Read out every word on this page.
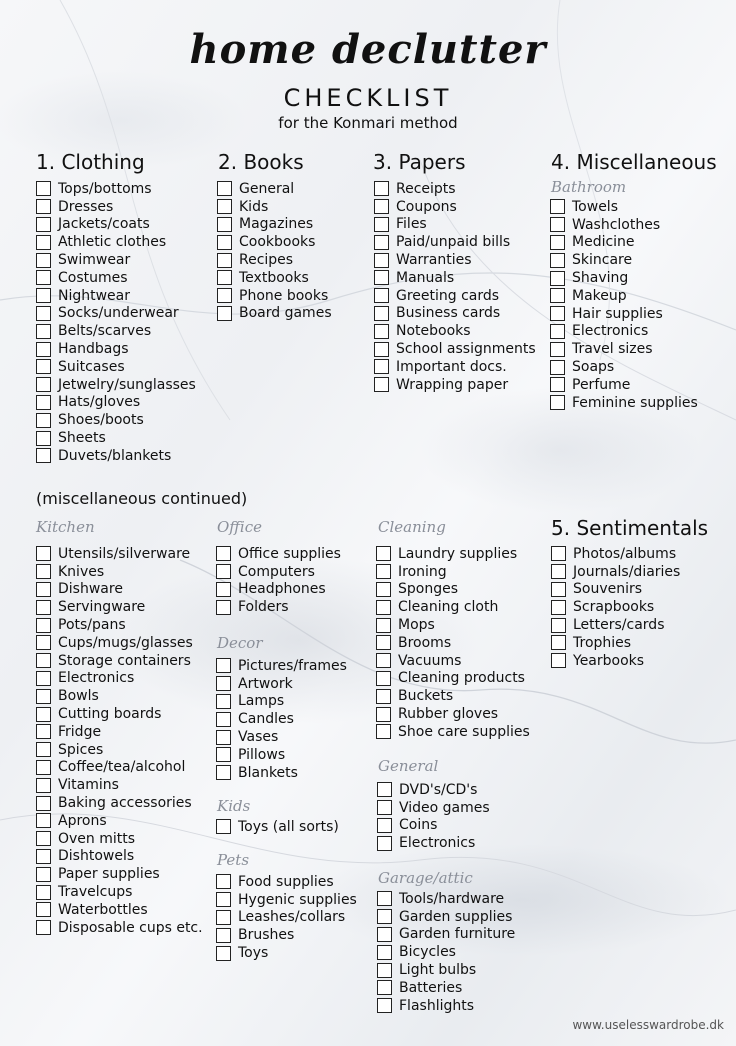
home declutter
CHECKLIST
for the Konmari method
1. Clothing
Tops/bottoms
Dresses
Jackets/coats
Athletic clothes
Swimwear
Costumes
Nightwear
Socks/underwear
Belts/scarves
Handbags
Suitcases
Jetwelry/sunglasses
Hats/gloves
Shoes/boots
Sheets
Duvets/blankets
2. Books
General
Kids
Magazines
Cookbooks
Recipes
Textbooks
Phone books
Board games
3. Papers
Receipts
Coupons
Files
Paid/unpaid bills
Warranties
Manuals
Greeting cards
Business cards
Notebooks
School assignments
Important docs.
Wrapping paper
4. Miscellaneous
Bathroom
Towels
Washclothes
Medicine
Skincare
Shaving
Makeup
Hair supplies
Electronics
Travel sizes
Soaps
Perfume
Feminine supplies
(miscellaneous continued)
Kitchen
Utensils/silverware
Knives
Dishware
Servingware
Pots/pans
Cups/mugs/glasses
Storage containers
Electronics
Bowls
Cutting boards
Fridge
Spices
Coffee/tea/alcohol
Vitamins
Baking accessories
Aprons
Oven mitts
Dishtowels
Paper supplies
Travelcups
Waterbottles
Disposable cups etc.
Office
Office supplies
Computers
Headphones
Folders
Decor
Pictures/frames
Artwork
Lamps
Candles
Vases
Pillows
Blankets
Kids
Toys (all sorts)
Pets
Food supplies
Hygenic supplies
Leashes/collars
Brushes
Toys
Cleaning
Laundry supplies
Ironing
Sponges
Cleaning cloth
Mops
Brooms
Vacuums
Cleaning products
Buckets
Rubber gloves
Shoe care supplies
General
DVD's/CD's
Video games
Coins
Electronics
Garage/attic
Tools/hardware
Garden supplies
Garden furniture
Bicycles
Light bulbs
Batteries
Flashlights
5. Sentimentals
Photos/albums
Journals/diaries
Souvenirs
Scrapbooks
Letters/cards
Trophies
Yearbooks
www.uselesswardrobe.dk
